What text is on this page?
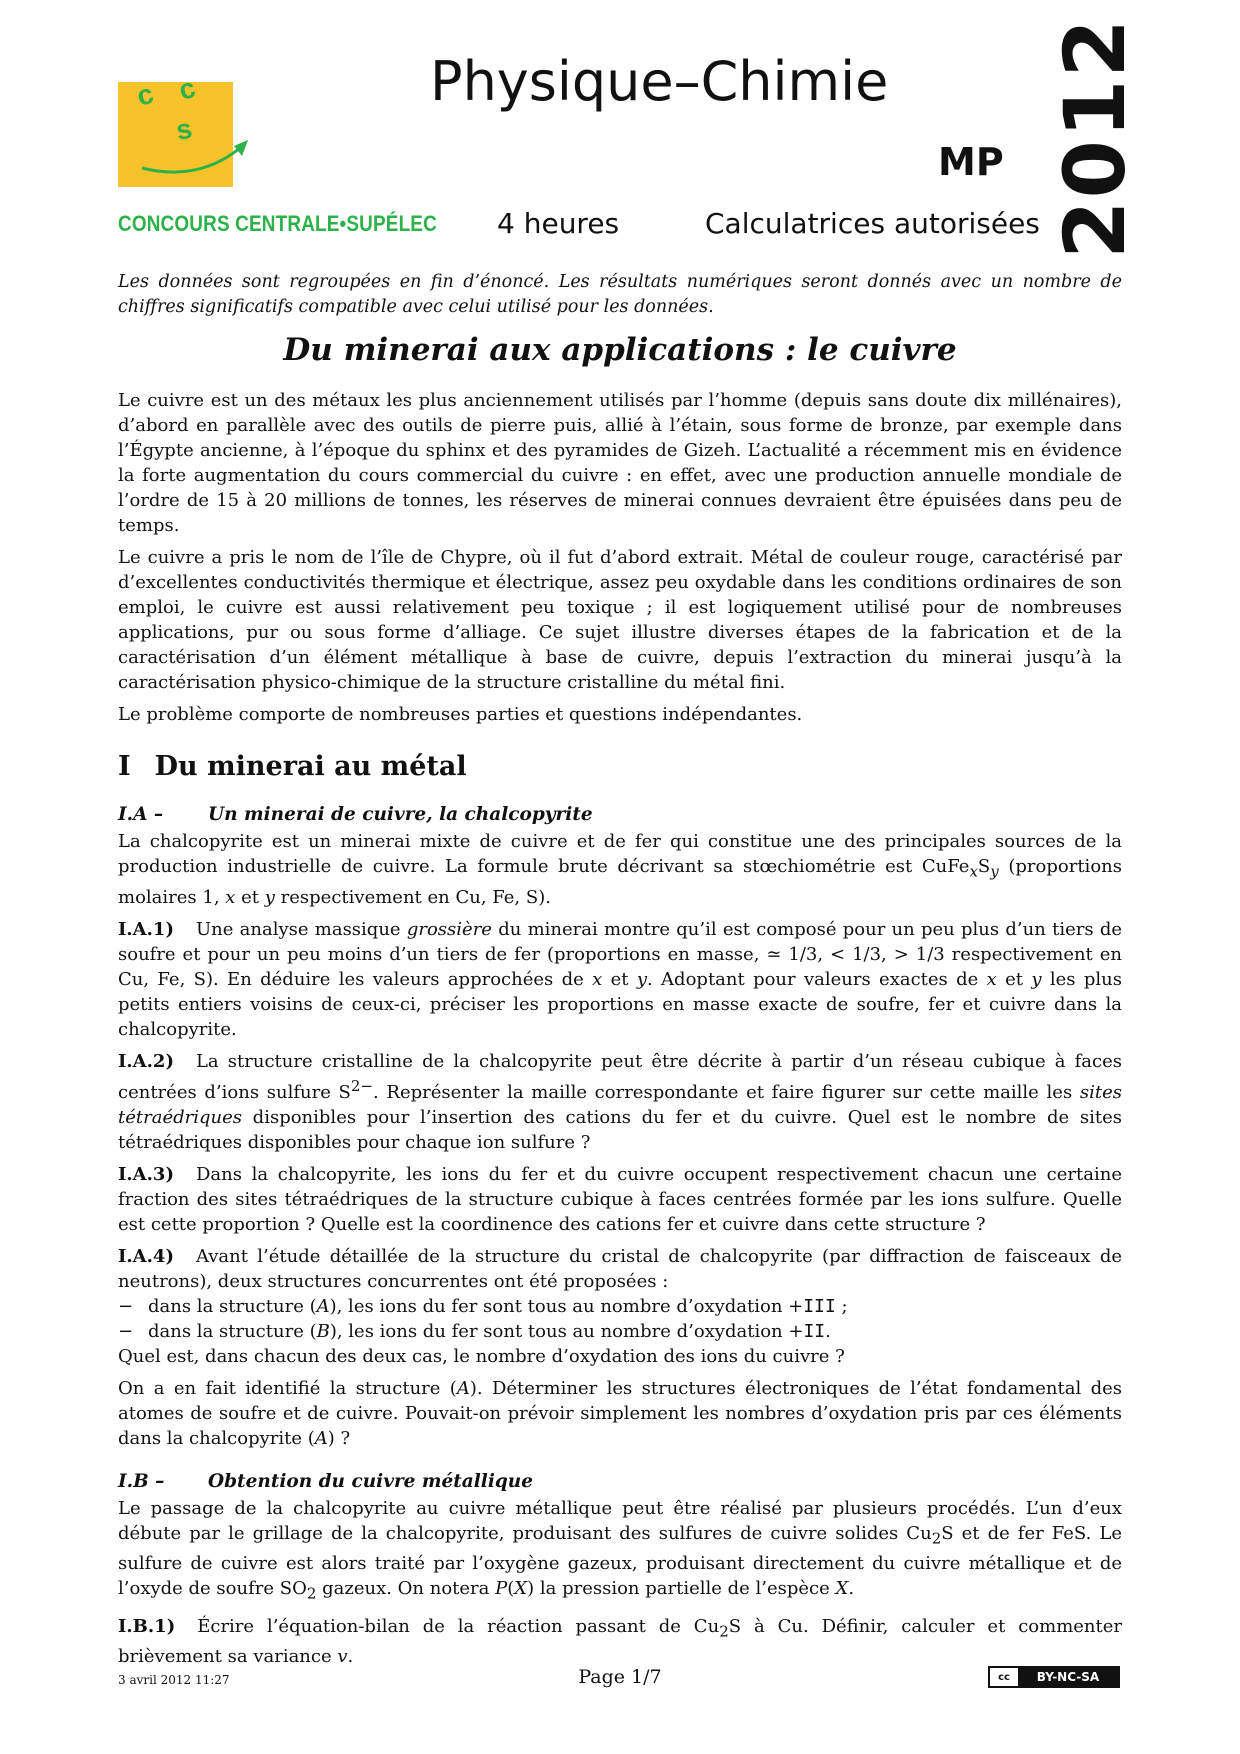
c c
s
CONCOURS CENTRALE•SUPÉLEC
Physique–Chimie
MP
4 heures	Calculatrices autorisées 2012

Les données sont regroupées en fin d’énoncé. Les résultats numériques seront donnés avec un nombre de chiffres significatifs compatible avec celui utilisé pour les données.

Du minerai aux applications : le cuivre

Le cuivre est un des métaux les plus anciennement utilisés par l’homme (depuis sans doute dix millénaires), d’abord en parallèle avec des outils de pierre puis, allié à l’étain, sous forme de bronze, par exemple dans l’Égypte ancienne, à l’époque du sphinx et des pyramides de Gizeh. L’actualité a récemment mis en évidence la forte augmentation du cours commercial du cuivre : en effet, avec une production annuelle mondiale de l’ordre de 15 à 20 millions de tonnes, les réserves de minerai connues devraient être épuisées dans peu de temps.

Le cuivre a pris le nom de l’île de Chypre, où il fut d’abord extrait. Métal de couleur rouge, caractérisé par d’excellentes conductivités thermique et électrique, assez peu oxydable dans les conditions ordinaires de son emploi, le cuivre est aussi relativement peu toxique ; il est logiquement utilisé pour de nombreuses applications, pur ou sous forme d’alliage. Ce sujet illustre diverses étapes de la fabrication et de la caractérisation d’un élément métallique à base de cuivre, depuis l’extraction du minerai jusqu’à la caractérisation physico-chimique de la structure cristalline du métal fini.

Le problème comporte de nombreuses parties et questions indépendantes.

I Du minerai au métal
I.A – Un minerai de cuivre, la chalcopyrite

La chalcopyrite est un minerai mixte de cuivre et de fer qui constitue une des principales sources de la production industrielle de cuivre. La formule brute décrivant sa stœchiométrie est $CuFe_xS_y$ (proportions molaires 1, x et y respectivement en Cu, Fe, S).

I.A.1) Une analyse massique grossière du minerai montre qu’il est composé pour un peu plus d’un tiers de soufre et pour un peu moins d’un tiers de fer (proportions en masse, ≃ 1/3, < 1/3, > 1/3 respectivement en Cu, Fe, S). En déduire les valeurs approchées de x et y. Adoptant pour valeurs exactes de x et y les plus petits entiers voisins de ceux-ci, préciser les proportions en masse exacte de soufre, fer et cuivre dans la chalcopyrite.

I.A.2) La structure cristalline de la chalcopyrite peut être décrite à partir d’un réseau cubique à faces centrées d’ions sulfure $S^{2-}$. Représenter la maille correspondante et faire figurer sur cette maille les sites tétraédriques disponibles pour l’insertion des cations du fer et du cuivre. Quel est le nombre de sites tétraédriques disponibles pour chaque ion sulfure ?

I.A.3) Dans la chalcopyrite, les ions du fer et du cuivre occupent respectivement chacun une certaine fraction des sites tétraédriques de la structure cubique à faces centrées formée par les ions sulfure. Quelle est cette proportion ? Quelle est la coordinence des cations fer et cuivre dans cette structure ?

I.A.4) Avant l’étude détaillée de la structure du cristal de chalcopyrite (par diffraction de faisceaux de neutrons), deux structures concurrentes ont été proposées :
− dans la structure (A), les ions du fer sont tous au nombre d’oxydation +III ;
− dans la structure (B), les ions du fer sont tous au nombre d’oxydation +II.
Quel est, dans chacun des deux cas, le nombre d’oxydation des ions du cuivre ?

On a en fait identifié la structure (A). Déterminer les structures électroniques de l’état fondamental des atomes de soufre et de cuivre. Pouvait-on prévoir simplement les nombres d’oxydation pris par ces éléments dans la chalcopyrite (A) ?

I.B – Obtention du cuivre métallique

Le passage de la chalcopyrite au cuivre métallique peut être réalisé par plusieurs procédés. L’un d’eux débute par le grillage de la chalcopyrite, produisant des sulfures de cuivre solides $Cu_2S$ et de fer FeS. Le sulfure de cuivre est alors traité par l’oxygène gazeux, produisant directement du cuivre métallique et de l’oxyde de soufre $SO_2$ gazeux. On notera P(X) la pression partielle de l’espèce X.

I.B.1) Écrire l’équation-bilan de la réaction passant de $Cu_2S$ à Cu. Définir, calculer et commenter brièvement sa variance v.

3 avril 2012 11:27	Page 1/7	cc	BY-NC-SA
